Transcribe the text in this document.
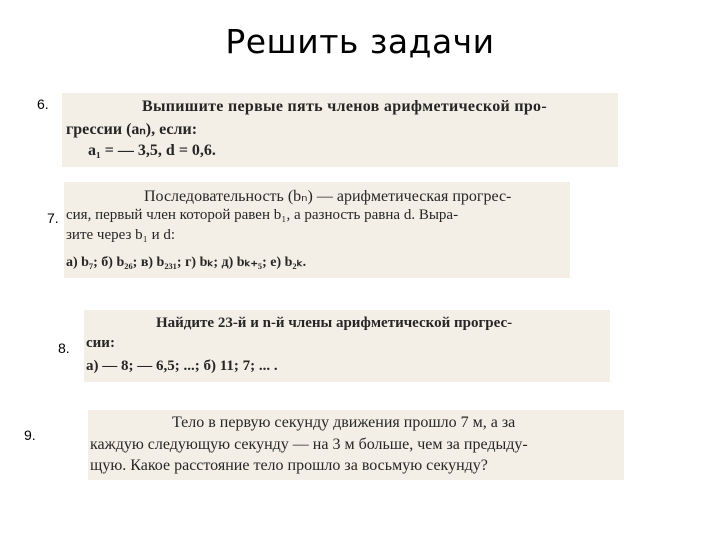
Решить задачи
6.	Выпишите первые пять членов арифметической про-
грессии (aₙ), если:
a₁ = — 3,5, d = 0,6.
7.
Последовательность (bₙ) — арифметическая прогрес-
сия, первый член которой равен b₁, а разность равна d. Выра-
зите через b₁ и d:
а) b₇; б) b₂₆; в) b₂₃₁; г) bₖ; д) bₖ₊₅; е) b₂ₖ.
8.
Найдите 23-й и n-й члены арифметической прогрес-
сии:
а) — 8; — 6,5; ...; б) 11; 7; ... .
9.
Тело в первую секунду движения прошло 7 м, а за
каждую следующую секунду — на 3 м больше, чем за предыду-
щую. Какое расстояние тело прошло за восьмую секунду?
